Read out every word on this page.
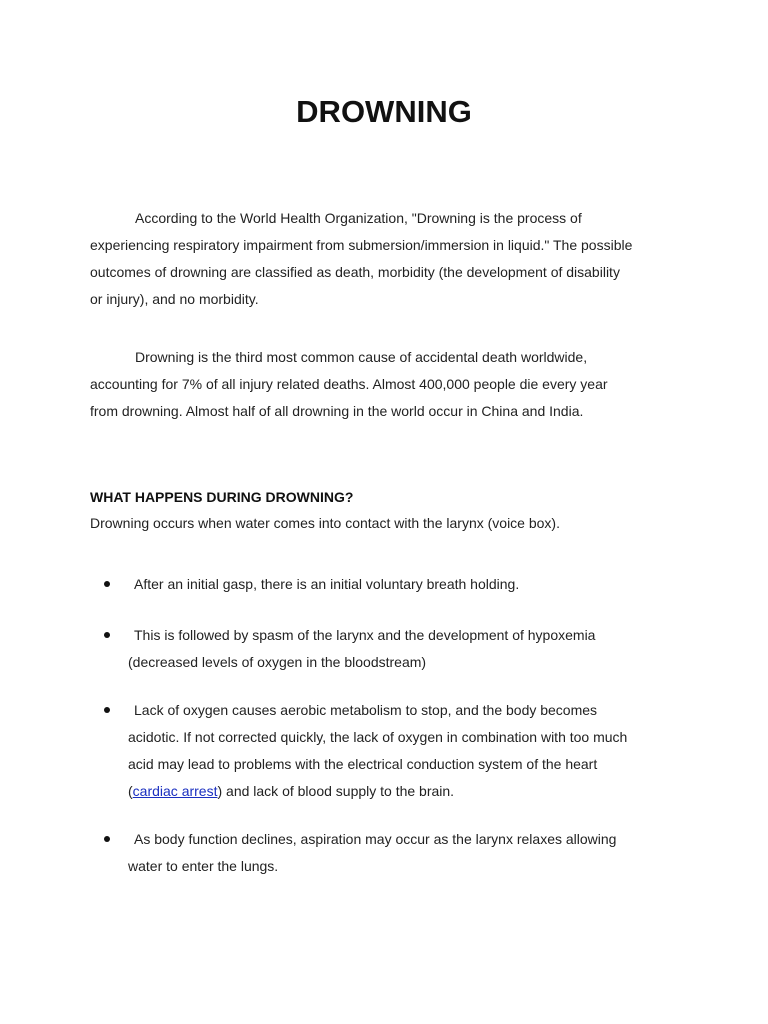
DROWNING

According to the World Health Organization, "Drowning is the process of
experiencing respiratory impairment from submersion/immersion in liquid." The possible
outcomes of drowning are classified as death, morbidity (the development of disability
or injury), and no morbidity.

Drowning is the third most common cause of accidental death worldwide,
accounting for 7% of all injury related deaths. Almost 400,000 people die every year
from drowning. Almost half of all drowning in the world occur in China and India.

WHAT HAPPENS DURING DROWNING?

Drowning occurs when water comes into contact with the larynx (voice box).

After an initial gasp, there is an initial voluntary breath holding.
This is followed by spasm of the larynx and the development of hypoxemia
(decreased levels of oxygen in the bloodstream)
Lack of oxygen causes aerobic metabolism to stop, and the body becomes
acidotic. If not corrected quickly, the lack of oxygen in combination with too much
acid may lead to problems with the electrical conduction system of the heart
(cardiac arrest) and lack of blood supply to the brain.
As body function declines, aspiration may occur as the larynx relaxes allowing
water to enter the lungs.
